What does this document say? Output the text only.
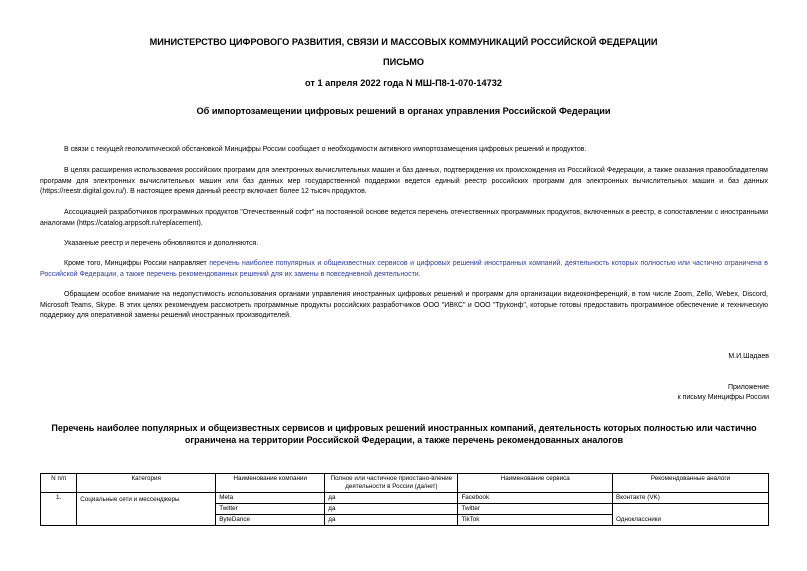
МИНИСТЕРСТВО ЦИФРОВОГО РАЗВИТИЯ, СВЯЗИ И МАССОВЫХ КОММУНИКАЦИЙ РОССИЙСКОЙ ФЕДЕРАЦИИ
ПИСЬМО
от 1 апреля 2022 года N МШ-П8-1-070-14732
Об импортозамещении цифровых решений в органах управления Российской Федерации
В связи с текущей геополитической обстановкой Минцифры России сообщает о необходимости активного импортозамещения цифровых решений и продуктов.
В целях расширения использования российских программ для электронных вычислительных машин и баз данных, подтверждения их происхождения из Российской Федерации, а также оказания правообладателям программ для электронных вычислительных машин или баз данных мер государственной поддержки ведется единый реестр российских программ для электронных вычислительных машин и баз данных (https://reestr.digital.gov.ru/). В настоящее время данный реестр включает более 12 тысяч продуктов.
Ассоциацией разработчиков программных продуктов "Отечественный софт" на постоянной основе ведется перечень отечественных программных продуктов, включенных в реестр, в сопоставлении с иностранными аналогами (https://catalog.arppsoft.ru/replacement).
Указанные реестр и перечень обновляются и дополняются.
Кроме того, Минцифры России направляет перечень наиболее популярных и общеизвестных сервисов и цифровых решений иностранных компаний, деятельность которых полностью или частично ограничена в Российской Федерации, а также перечень рекомендованных решений для их замены в повседневной деятельности.
Обращаем особое внимание на недопустимость использования органами управления иностранных цифровых решений и программ для организации видеоконференций, в том числе Zoom, Zello, Webex, Discord, Microsoft Teams, Skype. В этих целях рекомендуем рассмотреть программные продукты российских разработчиков ООО "ИВКС" и ООО "Труконф", которые готовы предоставить программное обеспечение и техническую поддержку для оперативной замены решений иностранных производителей.
М.И.Шадаев
Приложение
к письму Минцифры России
Перечень наиболее популярных и общеизвестных сервисов и цифровых решений иностранных компаний, деятельность которых полностью или частично ограничена на территории Российской Федерации, а также перечень рекомендованных аналогов
N п/п	Категория	Наименование компании	Полное или частичное приостано-вление деятельности в России (да/нет)	Наименование сервиса	Рекомендованные аналоги
1.	Социальные сети и мессенджеры	Meta	да	Facebook	Вконтакте (VK)
		Twitter	да	Twitter	Одноклассники
		ByteDance	да	TikTok	
